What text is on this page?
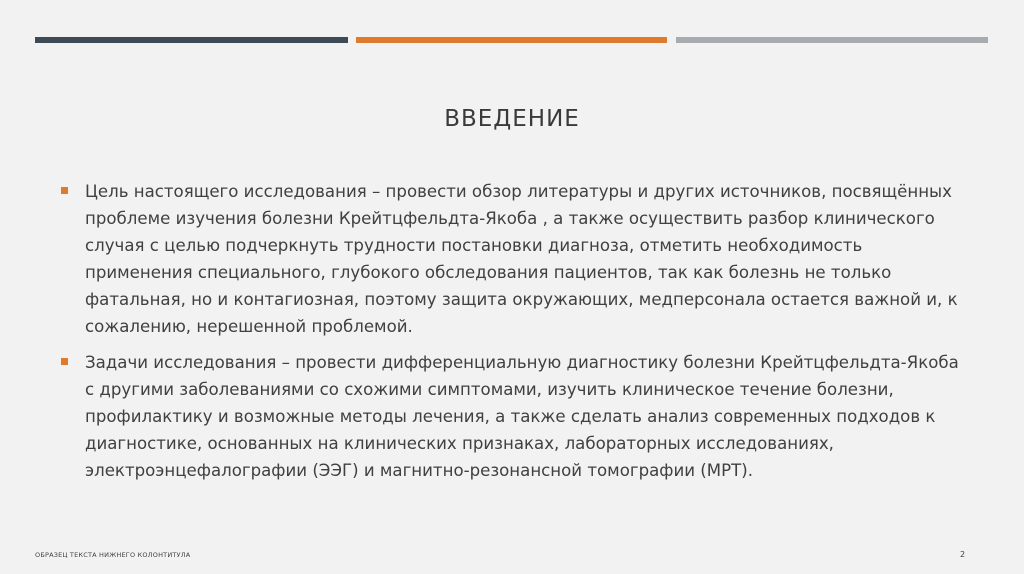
ВВЕДЕНИЕ
Цель настоящего исследования – провести обзор литературы и других источников, посвящённых проблеме изучения болезни Крейтцфельдта-Якоба , а также осуществить разбор клинического случая с целью подчеркнуть трудности постановки диагноза, отметить необходимость применения специального, глубокого обследования пациентов, так как болезнь не только фатальная, но и контагиозная, поэтому защита окружающих, медперсонала остается важной и, к сожалению, нерешенной проблемой.
Задачи исследования – провести дифференциальную диагностику болезни Крейтцфельдта-Якоба с другими заболеваниями со схожими симптомами, изучить клиническое течение болезни, профилактику и возможные методы лечения, а также сделать анализ современных подходов к диагностике, основанных на клинических признаках, лабораторных исследованиях, электроэнцефалографии (ЭЭГ) и магнитно-резонансной томографии (МРТ).
ОБРАЗЕЦ ТЕКСТА НИЖНЕГО КОЛОНТИТУЛА	2
